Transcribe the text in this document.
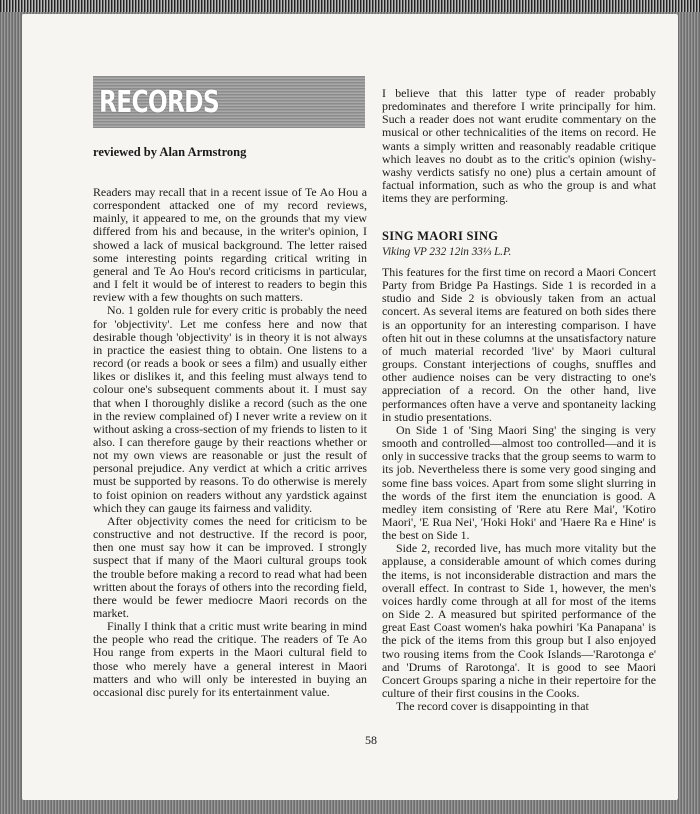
RECORDS
reviewed by Alan Armstrong

Readers may recall that in a recent issue of Te Ao Hou a correspondent attacked one of my record reviews, mainly, it appeared to me, on the grounds that my view differed from his and because, in the writer's opinion, I showed a lack of musical background. The letter raised some interesting points regarding critical writing in general and Te Ao Hou's record criticisms in particular, and I felt it would be of interest to readers to begin this review with a few thoughts on such matters.

No. 1 golden rule for every critic is probably the need for 'objectivity'. Let me confess here and now that desirable though 'objectivity' is in theory it is not always in practice the easiest thing to obtain. One listens to a record (or reads a book or sees a film) and usually either likes or dislikes it, and this feeling must always tend to colour one's subsequent comments about it. I must say that when I thoroughly dislike a record (such as the one in the review complained of) I never write a review on it without asking a cross-section of my friends to listen to it also. I can therefore gauge by their reactions whether or not my own views are reasonable or just the result of personal prejudice. Any verdict at which a critic arrives must be supported by reasons. To do otherwise is merely to foist opinion on readers without any yardstick against which they can gauge its fairness and validity.

After objectivity comes the need for criticism to be constructive and not destructive. If the record is poor, then one must say how it can be improved. I strongly suspect that if many of the Maori cultural groups took the trouble before making a record to read what had been written about the forays of others into the recording field, there would be fewer mediocre Maori records on the market.

Finally I think that a critic must write bearing in mind the people who read the critique. The readers of Te Ao Hou range from experts in the Maori cultural field to those who merely have a general interest in Maori matters and who will only be interested in buying an occasional disc purely for its entertainment value.

I believe that this latter type of reader probably predominates and therefore I write principally for him. Such a reader does not want erudite commentary on the musical or other technicalities of the items on record. He wants a simply written and reasonably readable critique which leaves no doubt as to the critic's opinion (wishy-washy verdicts satisfy no one) plus a certain amount of factual information, such as who the group is and what items they are performing.

SING MAORI SING
Viking VP 232 12in 33⅓ L.P.

This features for the first time on record a Maori Concert Party from Bridge Pa Hastings. Side 1 is recorded in a studio and Side 2 is obviously taken from an actual concert. As several items are featured on both sides there is an opportunity for an interesting comparison. I have often hit out in these columns at the unsatisfactory nature of much material recorded 'live' by Maori cultural groups. Constant interjections of coughs, snuffles and other audience noises can be very distracting to one's appreciation of a record. On the other hand, live performances often have a verve and spontaneity lacking in studio presentations.

On Side 1 of 'Sing Maori Sing' the singing is very smooth and controlled—almost too controlled—and it is only in successive tracks that the group seems to warm to its job. Nevertheless there is some very good singing and some fine bass voices. Apart from some slight slurring in the words of the first item the enunciation is good. A medley item consisting of 'Rere atu Rere Mai', 'Kotiro Maori', 'E Rua Nei', 'Hoki Hoki' and 'Haere Ra e Hine' is the best on Side 1.

Side 2, recorded live, has much more vitality but the applause, a considerable amount of which comes during the items, is not inconsiderable distraction and mars the overall effect. In contrast to Side 1, however, the men's voices hardly come through at all for most of the items on Side 2. A measured but spirited performance of the great East Coast women's haka powhiri 'Ka Panapana' is the pick of the items from this group but I also enjoyed two rousing items from the Cook Islands—'Rarotonga e' and 'Drums of Rarotonga'. It is good to see Maori Concert Groups sparing a niche in their repertoire for the culture of their first cousins in the Cooks.

The record cover is disappointing in that

58
